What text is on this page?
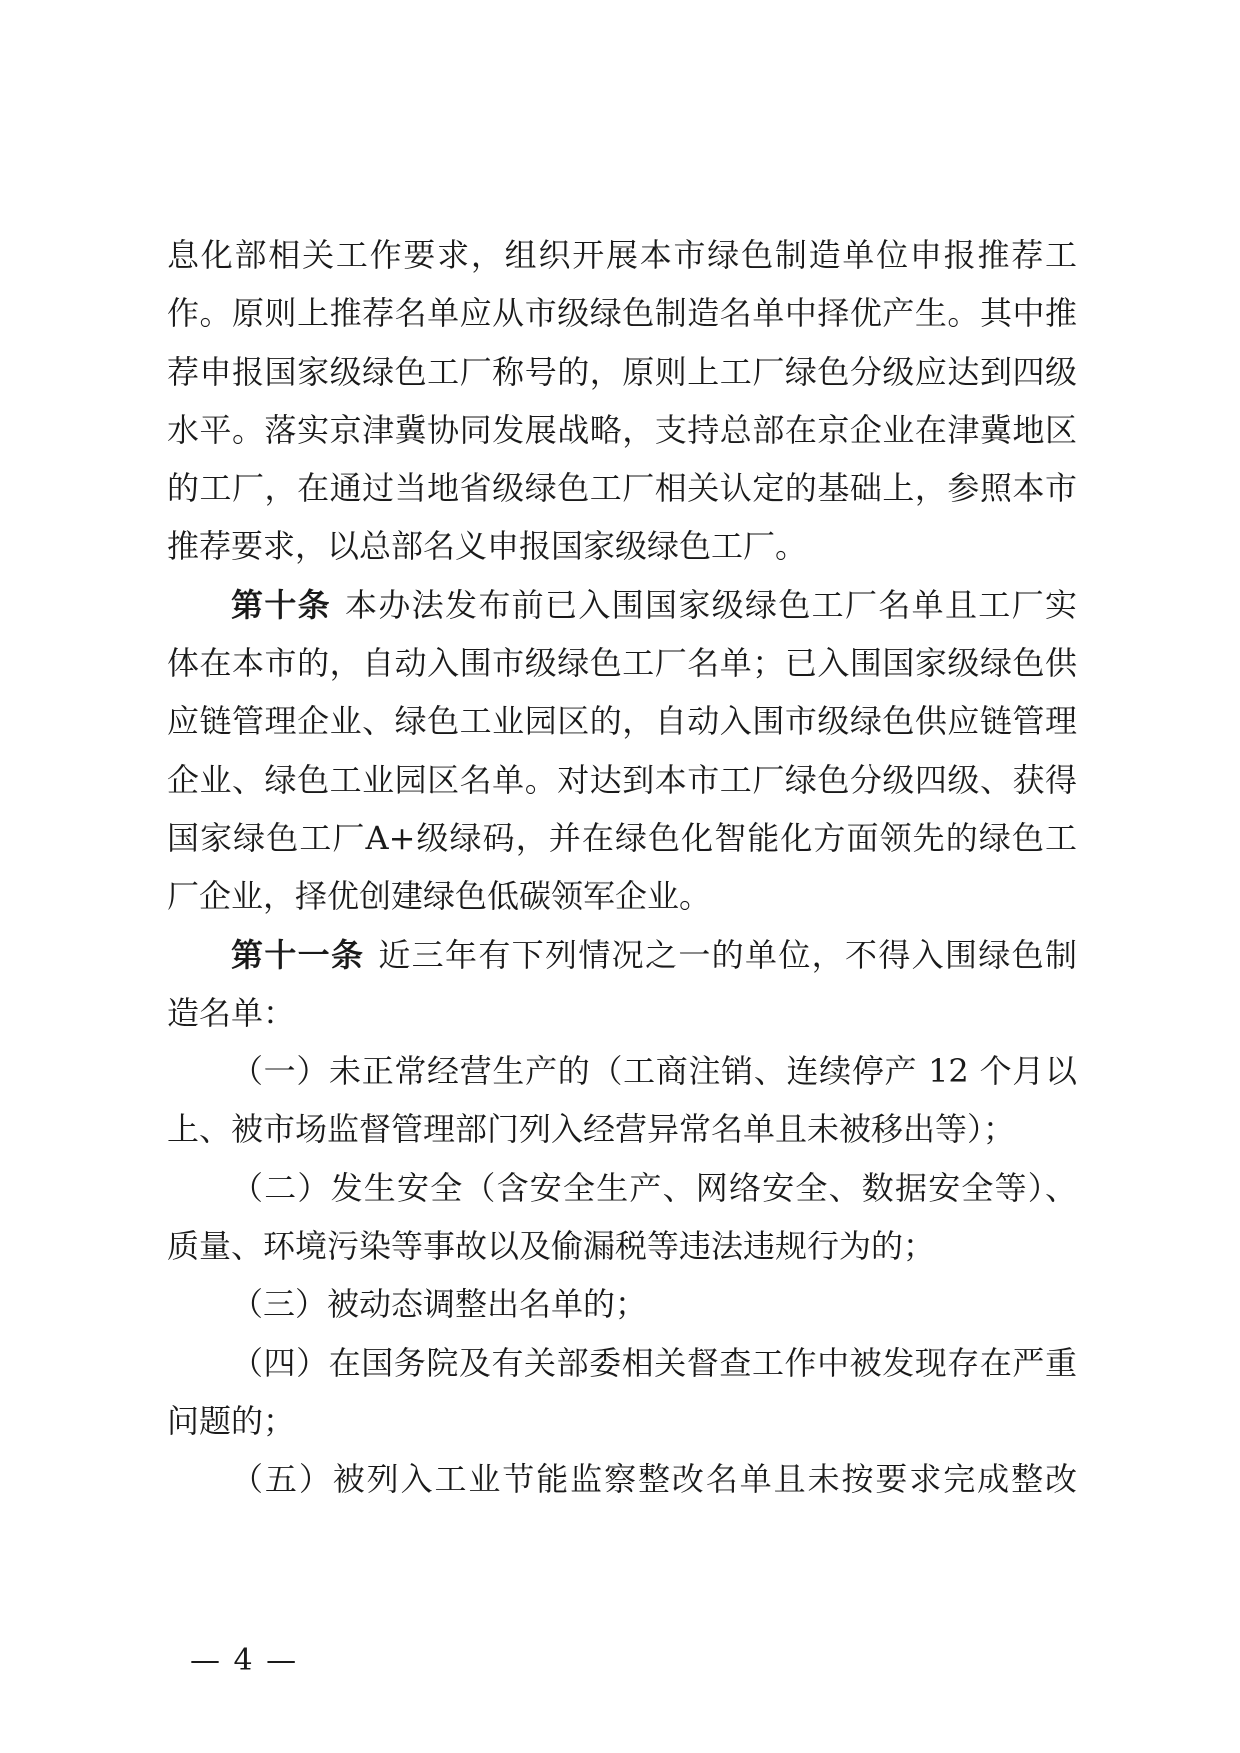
息化部相关工作要求，组织开展本市绿色制造单位申报推荐工
作。原则上推荐名单应从市级绿色制造名单中择优产生。其中推
荐申报国家级绿色工厂称号的，原则上工厂绿色分级应达到四级
水平。落实京津冀协同发展战略，支持总部在京企业在津冀地区
的工厂，在通过当地省级绿色工厂相关认定的基础上，参照本市
推荐要求，以总部名义申报国家级绿色工厂。
第十条 本办法发布前已入围国家级绿色工厂名单且工厂实
体在本市的，自动入围市级绿色工厂名单；已入围国家级绿色供
应链管理企业、绿色工业园区的，自动入围市级绿色供应链管理
企业、绿色工业园区名单。对达到本市工厂绿色分级四级、获得
国家绿色工厂A+级绿码，并在绿色化智能化方面领先的绿色工
厂企业，择优创建绿色低碳领军企业。
第十一条 近三年有下列情况之一的单位，不得入围绿色制
造名单：
（一）未正常经营生产的（工商注销、连续停产 12 个月以
上、被市场监督管理部门列入经营异常名单且未被移出等）；
（二）发生安全（含安全生产、网络安全、数据安全等）、
质量、环境污染等事故以及偷漏税等违法违规行为的；
（三）被动态调整出名单的；
（四）在国务院及有关部委相关督查工作中被发现存在严重
问题的；
（五）被列入工业节能监察整改名单且未按要求完成整改
— 4 —
